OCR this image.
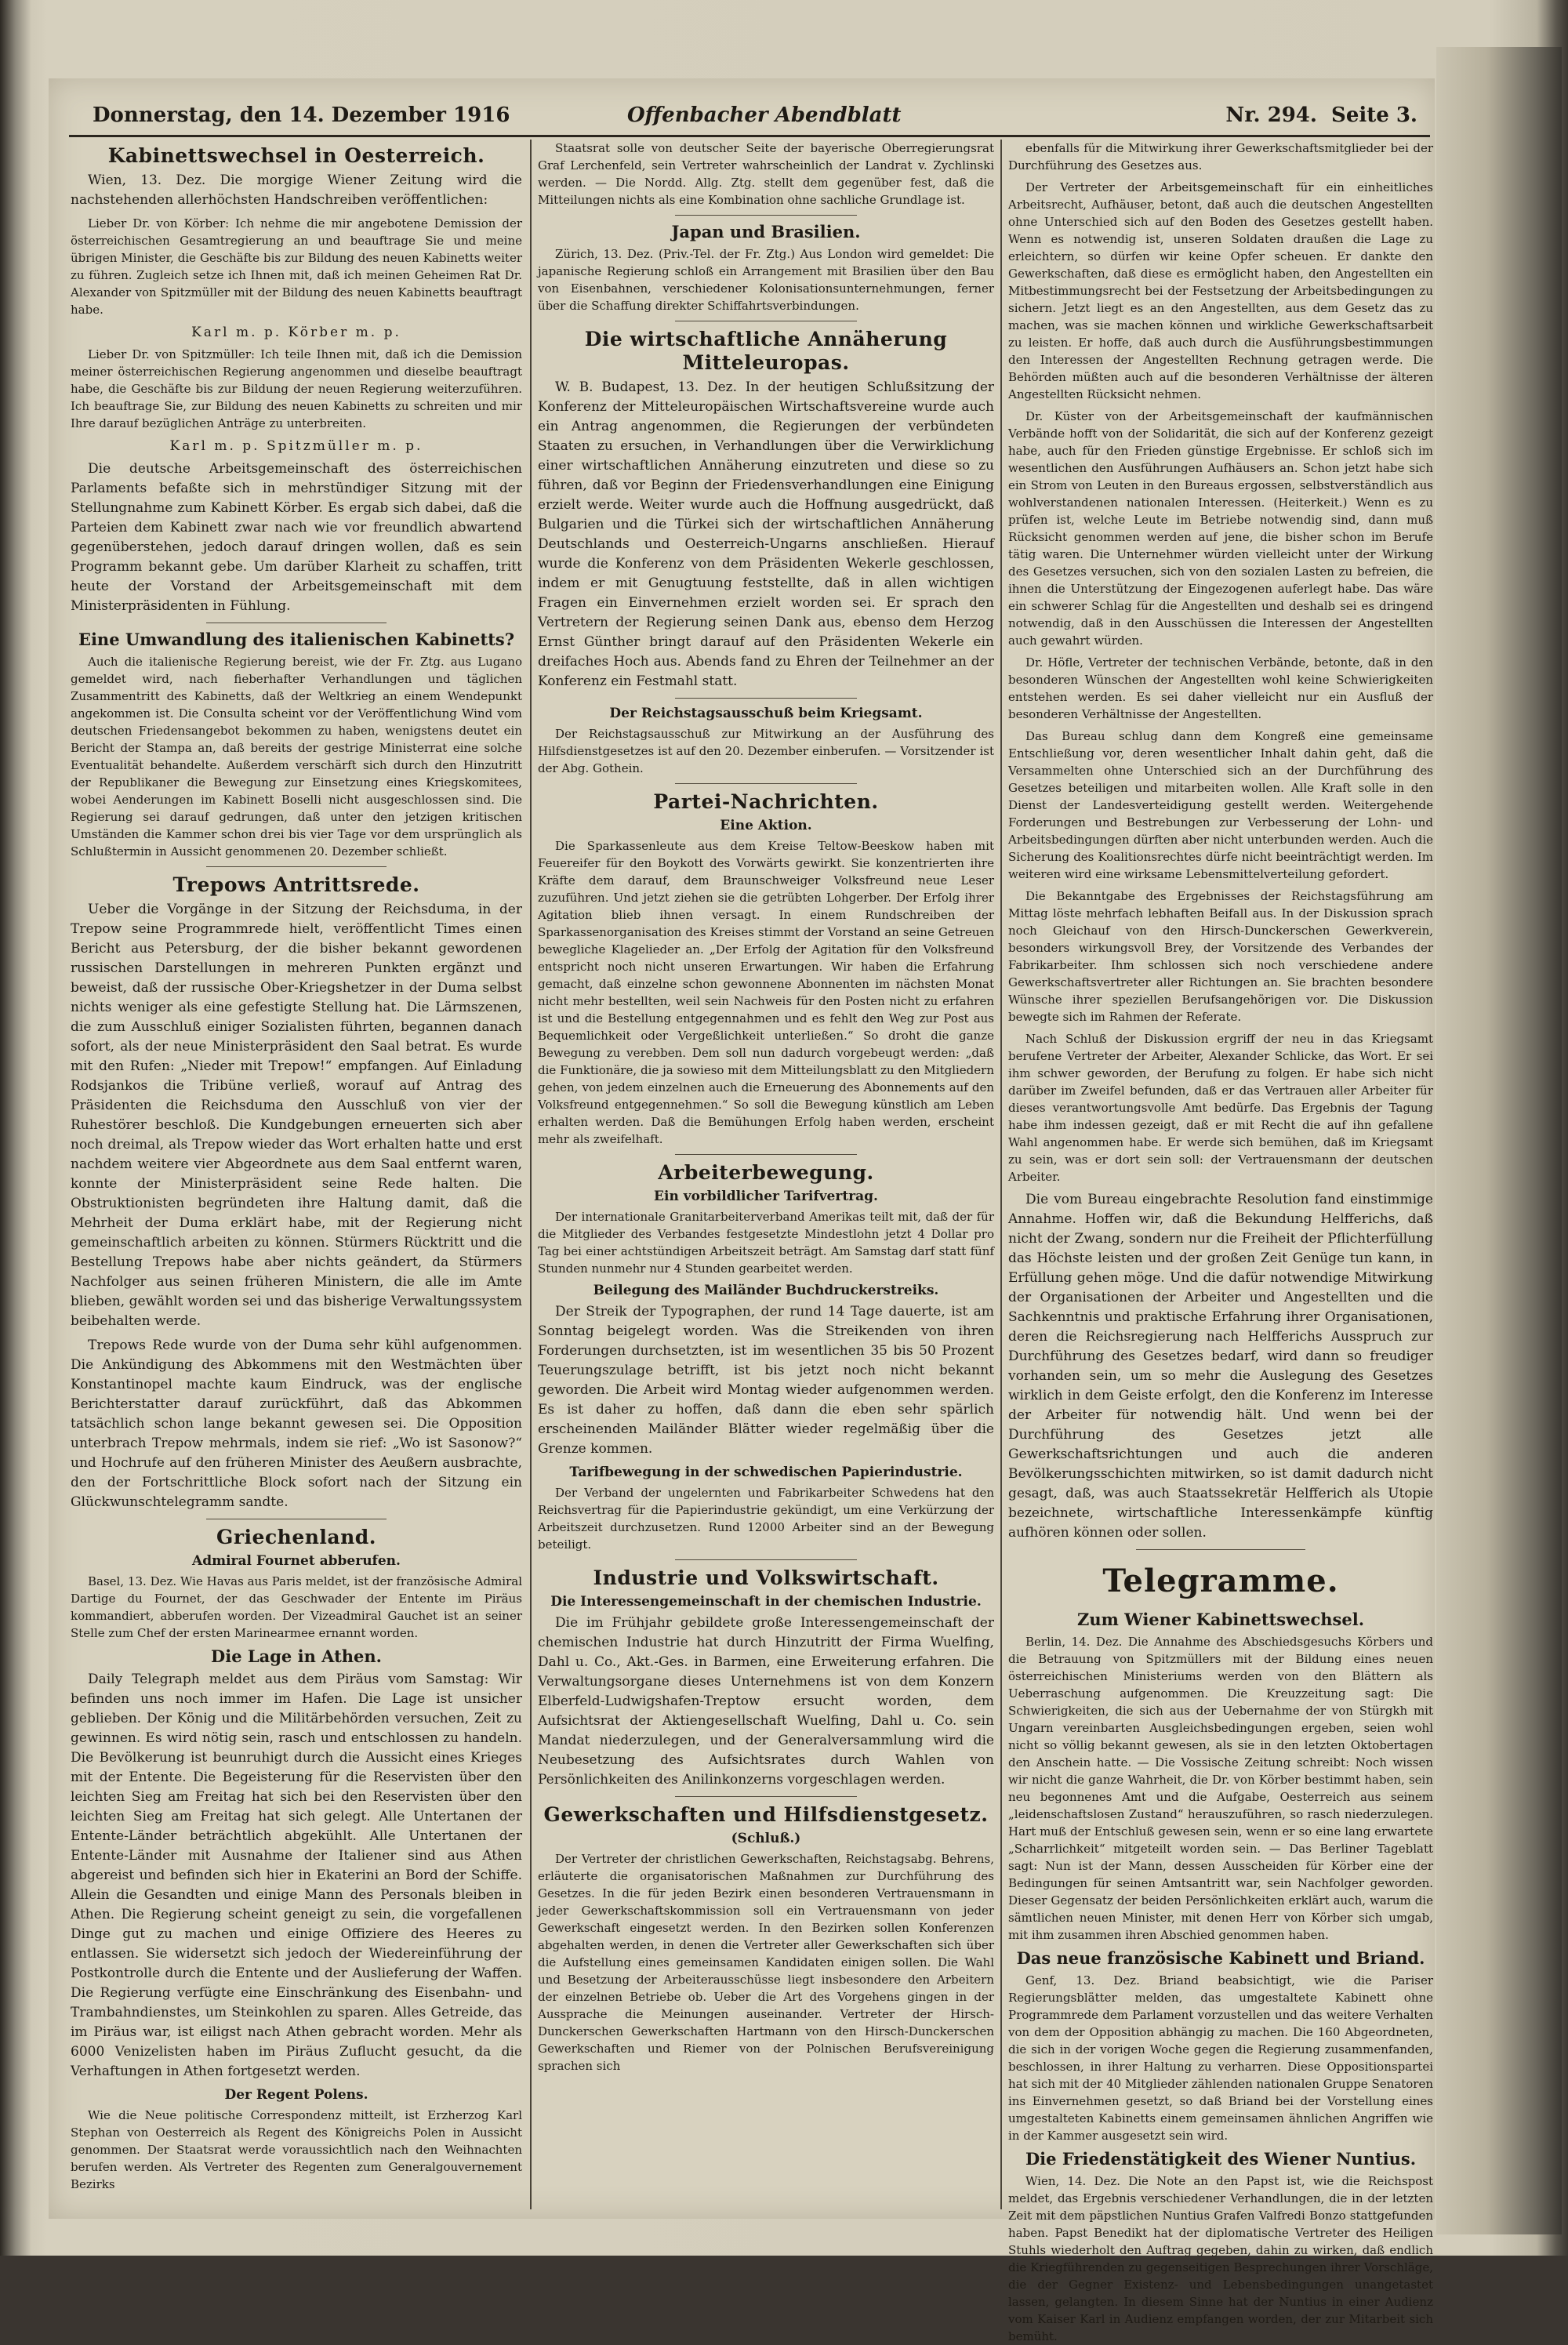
Donnerstag, den 14. Dezember 1916	Offenbacher Abendblatt	Nr. 294. Seite 3.
Kabinettswechsel in Oesterreich.

Wien, 13. Dez. Die morgige Wiener Zeitung wird die nachstehenden allerhöchsten Handschreiben veröffentlichen:

Lieber Dr. von Körber: Ich nehme die mir angebotene Demission der österreichischen Gesamtregierung an und beauftrage Sie und meine übrigen Minister, die Geschäfte bis zur Bildung des neuen Kabinetts weiter zu führen. Zugleich setze ich Ihnen mit, daß ich meinen Geheimen Rat Dr. Alexander von Spitzmüller mit der Bildung des neuen Kabinetts beauftragt habe.

Karl m. p. Körber m. p.

Lieber Dr. von Spitzmüller: Ich teile Ihnen mit, daß ich die Demission meiner österreichischen Regierung angenommen und dieselbe beauftragt habe, die Geschäfte bis zur Bildung der neuen Regierung weiterzuführen. Ich beauftrage Sie, zur Bildung des neuen Kabinetts zu schreiten und mir Ihre darauf bezüglichen Anträge zu unterbreiten.

Karl m. p. Spitzmüller m. p.

Die deutsche Arbeitsgemeinschaft des österreichischen Parlaments befaßte sich in mehrstündiger Sitzung mit der Stellungnahme zum Kabinett Körber. Es ergab sich dabei, daß die Parteien dem Kabinett zwar nach wie vor freundlich abwartend gegenüberstehen, jedoch darauf dringen wollen, daß es sein Programm bekannt gebe. Um darüber Klarheit zu schaffen, tritt heute der Vorstand der Arbeitsgemeinschaft mit dem Ministerpräsidenten in Fühlung.

Eine Umwandlung des italienischen Kabinetts?

Auch die italienische Regierung bereist, wie der Fr. Ztg. aus Lugano gemeldet wird, nach fieberhafter Verhandlungen und täglichen Zusammentritt des Kabinetts, daß der Weltkrieg an einem Wendepunkt angekommen ist. Die Consulta scheint vor der Veröffentlichung Wind vom deutschen Friedensangebot bekommen zu haben, wenigstens deutet ein Bericht der Stampa an, daß bereits der gestrige Ministerrat eine solche Eventualität behandelte. Außerdem verschärft sich durch den Hinzutritt der Republikaner die Bewegung zur Einsetzung eines Kriegskomitees, wobei Aenderungen im Kabinett Boselli nicht ausgeschlossen sind. Die Regierung sei darauf gedrungen, daß unter den jetzigen kritischen Umständen die Kammer schon drei bis vier Tage vor dem ursprünglich als Schlußtermin in Aussicht genommenen 20. Dezember schließt.

Trepows Antrittsrede.

Ueber die Vorgänge in der Sitzung der Reichsduma, in der Trepow seine Programmrede hielt, veröffentlicht Times einen Bericht aus Petersburg, der die bisher bekannt gewordenen russischen Darstellungen in mehreren Punkten ergänzt und beweist, daß der russische Ober-Kriegshetzer in der Duma selbst nichts weniger als eine gefestigte Stellung hat. Die Lärmszenen, die zum Ausschluß einiger Sozialisten führten, begannen danach sofort, als der neue Ministerpräsident den Saal betrat. Es wurde mit den Rufen: „Nieder mit Trepow!“ empfangen. Auf Einladung Rodsjankos die Tribüne verließ, worauf auf Antrag des Präsidenten die Reichsduma den Ausschluß von vier der Ruhestörer beschloß. Die Kundgebungen erneuerten sich aber noch dreimal, als Trepow wieder das Wort erhalten hatte und erst nachdem weitere vier Abgeordnete aus dem Saal entfernt waren, konnte der Ministerpräsident seine Rede halten. Die Obstruktionisten begründeten ihre Haltung damit, daß die Mehrheit der Duma erklärt habe, mit der Regierung nicht gemeinschaftlich arbeiten zu können. Stürmers Rücktritt und die Bestellung Trepows habe aber nichts geändert, da Stürmers Nachfolger aus seinen früheren Ministern, die alle im Amte blieben, gewählt worden sei und das bisherige Verwaltungssystem beibehalten werde.

Trepows Rede wurde von der Duma sehr kühl aufgenommen. Die Ankündigung des Abkommens mit den Westmächten über Konstantinopel machte kaum Eindruck, was der englische Berichterstatter darauf zurückführt, daß das Abkommen tatsächlich schon lange bekannt gewesen sei. Die Opposition unterbrach Trepow mehrmals, indem sie rief: „Wo ist Sasonow?“ und Hochrufe auf den früheren Minister des Aeußern ausbrachte, den der Fortschrittliche Block sofort nach der Sitzung ein Glückwunschtelegramm sandte.

Griechenland.
Admiral Fournet abberufen.

Basel, 13. Dez. Wie Havas aus Paris meldet, ist der französische Admiral Dartige du Fournet, der das Geschwader der Entente im Piräus kommandiert, abberufen worden. Der Vizeadmiral Gauchet ist an seiner Stelle zum Chef der ersten Marinearmee ernannt worden.

Die Lage in Athen.

Daily Telegraph meldet aus dem Piräus vom Samstag: Wir befinden uns noch immer im Hafen. Die Lage ist unsicher geblieben. Der König und die Militärbehörden versuchen, Zeit zu gewinnen. Es wird nötig sein, rasch und entschlossen zu handeln. Die Bevölkerung ist beunruhigt durch die Aussicht eines Krieges mit der Entente. Die Begeisterung für die Reservisten über den leichten Sieg am Freitag hat sich bei den Reservisten über den leichten Sieg am Freitag hat sich gelegt. Alle Untertanen der Entente-Länder beträchtlich abgekühlt. Alle Untertanen der Entente-Länder mit Ausnahme der Italiener sind aus Athen abgereist und befinden sich hier in Ekaterini an Bord der Schiffe. Allein die Gesandten und einige Mann des Personals bleiben in Athen. Die Regierung scheint geneigt zu sein, die vorgefallenen Dinge gut zu machen und einige Offiziere des Heeres zu entlassen. Sie widersetzt sich jedoch der Wiedereinführung der Postkontrolle durch die Entente und der Auslieferung der Waffen. Die Regierung verfügte eine Einschränkung des Eisenbahn- und Trambahndienstes, um Steinkohlen zu sparen. Alles Getreide, das im Piräus war, ist eiligst nach Athen gebracht worden. Mehr als 6000 Venizelisten haben im Piräus Zuflucht gesucht, da die Verhaftungen in Athen fortgesetzt werden.

Der Regent Polens.

Wie die Neue politische Correspondenz mitteilt, ist Erzherzog Karl Stephan von Oesterreich als Regent des Königreichs Polen in Aussicht genommen. Der Staatsrat werde voraussichtlich nach den Weihnachten berufen werden. Als Vertreter des Regenten zum Generalgouvernement Bezirks

Staatsrat solle von deutscher Seite der bayerische Oberregierungsrat Graf Lerchenfeld, sein Vertreter wahrscheinlich der Landrat v. Zychlinski werden. — Die Nordd. Allg. Ztg. stellt dem gegenüber fest, daß die Mitteilungen nichts als eine Kombination ohne sachliche Grundlage ist.

Japan und Brasilien.

Zürich, 13. Dez. (Priv.-Tel. der Fr. Ztg.) Aus London wird gemeldet: Die japanische Regierung schloß ein Arrangement mit Brasilien über den Bau von Eisenbahnen, verschiedener Kolonisationsunternehmungen, ferner über die Schaffung direkter Schiffahrtsverbindungen.

Die wirtschaftliche Annäherung Mitteleuropas.

W. B. Budapest, 13. Dez. In der heutigen Schlußsitzung der Konferenz der Mitteleuropäischen Wirtschaftsvereine wurde auch ein Antrag angenommen, die Regierungen der verbündeten Staaten zu ersuchen, in Verhandlungen über die Verwirklichung einer wirtschaftlichen Annäherung einzutreten und diese so zu führen, daß vor Beginn der Friedensverhandlungen eine Einigung erzielt werde. Weiter wurde auch die Hoffnung ausgedrückt, daß Bulgarien und die Türkei sich der wirtschaftlichen Annäherung Deutschlands und Oesterreich-Ungarns anschließen. Hierauf wurde die Konferenz von dem Präsidenten Wekerle geschlossen, indem er mit Genugtuung feststellte, daß in allen wichtigen Fragen ein Einvernehmen erzielt worden sei. Er sprach den Vertretern der Regierung seinen Dank aus, ebenso dem Herzog Ernst Günther bringt darauf auf den Präsidenten Wekerle ein dreifaches Hoch aus. Abends fand zu Ehren der Teilnehmer an der Konferenz ein Festmahl statt.

Der Reichstagsausschuß beim Kriegsamt.

Der Reichstagsausschuß zur Mitwirkung an der Ausführung des Hilfsdienstgesetzes ist auf den 20. Dezember einberufen. — Vorsitzender ist der Abg. Gothein.

Partei-Nachrichten.
Eine Aktion.

Die Sparkassenleute aus dem Kreise Teltow-Beeskow haben mit Feuereifer für den Boykott des Vorwärts gewirkt. Sie konzentrierten ihre Kräfte dem darauf, dem Braunschweiger Volksfreund neue Leser zuzuführen. Und jetzt ziehen sie die getrübten Lohgerber. Der Erfolg ihrer Agitation blieb ihnen versagt. In einem Rundschreiben der Sparkassenorganisation des Kreises stimmt der Vorstand an seine Getreuen bewegliche Klagelieder an. „Der Erfolg der Agitation für den Volksfreund entspricht noch nicht unseren Erwartungen. Wir haben die Erfahrung gemacht, daß einzelne schon gewonnene Abonnenten im nächsten Monat nicht mehr bestellten, weil sein Nachweis für den Posten nicht zu erfahren ist und die Bestellung entgegennahmen und es fehlt den Weg zur Post aus Bequemlichkeit oder Vergeßlichkeit unterließen.“ So droht die ganze Bewegung zu verebben. Dem soll nun dadurch vorgebeugt werden: „daß die Funktionäre, die ja sowieso mit dem Mitteilungsblatt zu den Mitgliedern gehen, von jedem einzelnen auch die Erneuerung des Abonnements auf den Volksfreund entgegennehmen.“ So soll die Bewegung künstlich am Leben erhalten werden. Daß die Bemühungen Erfolg haben werden, erscheint mehr als zweifelhaft.

Arbeiterbewegung.
Ein vorbildlicher Tarifvertrag.

Der internationale Granitarbeiterverband Amerikas teilt mit, daß der für die Mitglieder des Verbandes festgesetzte Mindestlohn jetzt 4 Dollar pro Tag bei einer achtstündigen Arbeitszeit beträgt. Am Samstag darf statt fünf Stunden nunmehr nur 4 Stunden gearbeitet werden.

Beilegung des Mailänder Buchdruckerstreiks.

Der Streik der Typographen, der rund 14 Tage dauerte, ist am Sonntag beigelegt worden. Was die Streikenden von ihren Forderungen durchsetzten, ist im wesentlichen 35 bis 50 Prozent Teuerungszulage betrifft, ist bis jetzt noch nicht bekannt geworden. Die Arbeit wird Montag wieder aufgenommen werden. Es ist daher zu hoffen, daß dann die eben sehr spärlich erscheinenden Mailänder Blätter wieder regelmäßig über die Grenze kommen.

Tarifbewegung in der schwedischen Papierindustrie.

Der Verband der ungelernten und Fabrikarbeiter Schwedens hat den Reichsvertrag für die Papierindustrie gekündigt, um eine Verkürzung der Arbeitszeit durchzusetzen. Rund 12000 Arbeiter sind an der Bewegung beteiligt.

Industrie und Volkswirtschaft.
Die Interessengemeinschaft in der chemischen Industrie.

Die im Frühjahr gebildete große Interessengemeinschaft der chemischen Industrie hat durch Hinzutritt der Firma Wuelfing, Dahl u. Co., Akt.-Ges. in Barmen, eine Erweiterung erfahren. Die Verwaltungsorgane dieses Unternehmens ist von dem Konzern Elberfeld-Ludwigshafen-Treptow ersucht worden, dem Aufsichtsrat der Aktiengesellschaft Wuelfing, Dahl u. Co. sein Mandat niederzulegen, und der Generalversammlung wird die Neubesetzung des Aufsichtsrates durch Wahlen von Persönlichkeiten des Anilinkonzerns vorgeschlagen werden.

Gewerkschaften und Hilfsdienstgesetz.
(Schluß.)

Der Vertreter der christlichen Gewerkschaften, Reichstagsabg. Behrens, erläuterte die organisatorischen Maßnahmen zur Durchführung des Gesetzes. In die für jeden Bezirk einen besonderen Vertrauensmann in jeder Gewerkschaftskommission soll ein Vertrauensmann von jeder Gewerkschaft eingesetzt werden. In den Bezirken sollen Konferenzen abgehalten werden, in denen die Vertreter aller Gewerkschaften sich über die Aufstellung eines gemeinsamen Kandidaten einigen sollen. Die Wahl und Besetzung der Arbeiterausschüsse liegt insbesondere den Arbeitern der einzelnen Betriebe ob. Ueber die Art des Vorgehens gingen in der Aussprache die Meinungen auseinander. Vertreter der Hirsch-Dunckerschen Gewerkschaften Hartmann von den Hirsch-Dunckerschen Gewerkschaften und Riemer von der Polnischen Berufsvereinigung sprachen sich

ebenfalls für die Mitwirkung ihrer Gewerkschaftsmitglieder bei der Durchführung des Gesetzes aus.

Der Vertreter der Arbeitsgemeinschaft für ein einheitliches Arbeitsrecht, Aufhäuser, betont, daß auch die deutschen Angestellten ohne Unterschied sich auf den Boden des Gesetzes gestellt haben. Wenn es notwendig ist, unseren Soldaten draußen die Lage zu erleichtern, so dürfen wir keine Opfer scheuen. Er dankte den Gewerkschaften, daß diese es ermöglicht haben, den Angestellten ein Mitbestimmungsrecht bei der Festsetzung der Arbeitsbedingungen zu sichern. Jetzt liegt es an den Angestellten, aus dem Gesetz das zu machen, was sie machen können und wirkliche Gewerkschaftsarbeit zu leisten. Er hoffe, daß auch durch die Ausführungsbestimmungen den Interessen der Angestellten Rechnung getragen werde. Die Behörden müßten auch auf die besonderen Verhältnisse der älteren Angestellten Rücksicht nehmen.

Dr. Küster von der Arbeitsgemeinschaft der kaufmännischen Verbände hofft von der Solidarität, die sich auf der Konferenz gezeigt habe, auch für den Frieden günstige Ergebnisse. Er schloß sich im wesentlichen den Ausführungen Aufhäusers an. Schon jetzt habe sich ein Strom von Leuten in den Bureaus ergossen, selbstverständlich aus wohlverstandenen nationalen Interessen. (Heiterkeit.) Wenn es zu prüfen ist, welche Leute im Betriebe notwendig sind, dann muß Rücksicht genommen werden auf jene, die bisher schon im Berufe tätig waren. Die Unternehmer würden vielleicht unter der Wirkung des Gesetzes versuchen, sich von den sozialen Lasten zu befreien, die ihnen die Unterstützung der Eingezogenen auferlegt habe. Das wäre ein schwerer Schlag für die Angestellten und deshalb sei es dringend notwendig, daß in den Ausschüssen die Interessen der Angestellten auch gewahrt würden.

Dr. Höfle, Vertreter der technischen Verbände, betonte, daß in den besonderen Wünschen der Angestellten wohl keine Schwierigkeiten entstehen werden. Es sei daher vielleicht nur ein Ausfluß der besonderen Verhältnisse der Angestellten.

Das Bureau schlug dann dem Kongreß eine gemeinsame Entschließung vor, deren wesentlicher Inhalt dahin geht, daß die Versammelten ohne Unterschied sich an der Durchführung des Gesetzes beteiligen und mitarbeiten wollen. Alle Kraft solle in den Dienst der Landesverteidigung gestellt werden. Weitergehende Forderungen und Bestrebungen zur Verbesserung der Lohn- und Arbeitsbedingungen dürften aber nicht unterbunden werden. Auch die Sicherung des Koalitionsrechtes dürfe nicht beeinträchtigt werden. Im weiteren wird eine wirksame Lebensmittelverteilung gefordert.

Die Bekanntgabe des Ergebnisses der Reichstagsführung am Mittag löste mehrfach lebhaften Beifall aus. In der Diskussion sprach noch Gleichauf von den Hirsch-Dunckerschen Gewerkverein, besonders wirkungsvoll Brey, der Vorsitzende des Verbandes der Fabrikarbeiter. Ihm schlossen sich noch verschiedene andere Gewerkschaftsvertreter aller Richtungen an. Sie brachten besondere Wünsche ihrer speziellen Berufsangehörigen vor. Die Diskussion bewegte sich im Rahmen der Referate.

Nach Schluß der Diskussion ergriff der neu in das Kriegsamt berufene Vertreter der Arbeiter, Alexander Schlicke, das Wort. Er sei ihm schwer geworden, der Berufung zu folgen. Er habe sich nicht darüber im Zweifel befunden, daß er das Vertrauen aller Arbeiter für dieses verantwortungsvolle Amt bedürfe. Das Ergebnis der Tagung habe ihm indessen gezeigt, daß er mit Recht die auf ihn gefallene Wahl angenommen habe. Er werde sich bemühen, daß im Kriegsamt zu sein, was er dort sein soll: der Vertrauensmann der deutschen Arbeiter.

Die vom Bureau eingebrachte Resolution fand einstimmige Annahme. Hoffen wir, daß die Bekundung Helfferichs, daß nicht der Zwang, sondern nur die Freiheit der Pflichterfüllung das Höchste leisten und der großen Zeit Genüge tun kann, in Erfüllung gehen möge. Und die dafür notwendige Mitwirkung der Organisationen der Arbeiter und Angestellten und die Sachkenntnis und praktische Erfahrung ihrer Organisationen, deren die Reichsregierung nach Helfferichs Ausspruch zur Durchführung des Gesetzes bedarf, wird dann so freudiger vorhanden sein, um so mehr die Auslegung des Gesetzes wirklich in dem Geiste erfolgt, den die Konferenz im Interesse der Arbeiter für notwendig hält. Und wenn bei der Durchführung des Gesetzes jetzt alle Gewerkschaftsrichtungen und auch die anderen Bevölkerungsschichten mitwirken, so ist damit dadurch nicht gesagt, daß, was auch Staatssekretär Helfferich als Utopie bezeichnete, wirtschaftliche Interessenkämpfe künftig aufhören können oder sollen.

Telegramme.
Zum Wiener Kabinettswechsel.

Berlin, 14. Dez. Die Annahme des Abschiedsgesuchs Körbers und die Betrauung von Spitzmüllers mit der Bildung eines neuen österreichischen Ministeriums werden von den Blättern als Ueberraschung aufgenommen. Die Kreuzzeitung sagt: Die Schwierigkeiten, die sich aus der Uebernahme der von Stürgkh mit Ungarn vereinbarten Ausgleichsbedingungen ergeben, seien wohl nicht so völlig bekannt gewesen, als sie in den letzten Oktobertagen den Anschein hatte. — Die Vossische Zeitung schreibt: Noch wissen wir nicht die ganze Wahrheit, die Dr. von Körber bestimmt haben, sein neu begonnenes Amt und die Aufgabe, Oesterreich aus seinem „leidenschaftslosen Zustand“ herauszuführen, so rasch niederzulegen. Hart muß der Entschluß gewesen sein, wenn er so eine lang erwartete „Scharrlichkeit“ mitgeteilt worden sein. — Das Berliner Tageblatt sagt: Nun ist der Mann, dessen Ausscheiden für Körber eine der Bedingungen für seinen Amtsantritt war, sein Nachfolger geworden. Dieser Gegensatz der beiden Persönlichkeiten erklärt auch, warum die sämtlichen neuen Minister, mit denen Herr von Körber sich umgab, mit ihm zusammen ihren Abschied genommen haben.

Das neue französische Kabinett und Briand.

Genf, 13. Dez. Briand beabsichtigt, wie die Pariser Regierungsblätter melden, das umgestaltete Kabinett ohne Programmrede dem Parlament vorzustellen und das weitere Verhalten von dem der Opposition abhängig zu machen. Die 160 Abgeordneten, die sich in der vorigen Woche gegen die Regierung zusammenfanden, beschlossen, in ihrer Haltung zu verharren. Diese Oppositionspartei hat sich mit der 40 Mitglieder zählenden nationalen Gruppe Senatoren ins Einvernehmen gesetzt, so daß Briand bei der Vorstellung eines umgestalteten Kabinetts einem gemeinsamen ähnlichen Angriffen wie in der Kammer ausgesetzt sein wird.

Die Friedenstätigkeit des Wiener Nuntius.

Wien, 14. Dez. Die Note an den Papst ist, wie die Reichspost meldet, das Ergebnis verschiedener Verhandlungen, die in der letzten Zeit mit dem päpstlichen Nuntius Grafen Valfredi Bonzo stattgefunden haben. Papst Benedikt hat der diplomatische Vertreter des Heiligen Stuhls wiederholt den Auftrag gegeben, dahin zu wirken, daß endlich die Kriegführenden zu gegenseitigen Besprechungen ihrer Vorschläge, die der Gegner Existenz- und Lebensbedingungen unangetastet lassen, gelangten. In diesem Sinne hat der Nuntius in einer Audienz vom Kaiser Karl in Audienz empfangen worden, der zur Mitarbeit sich bemüht.
